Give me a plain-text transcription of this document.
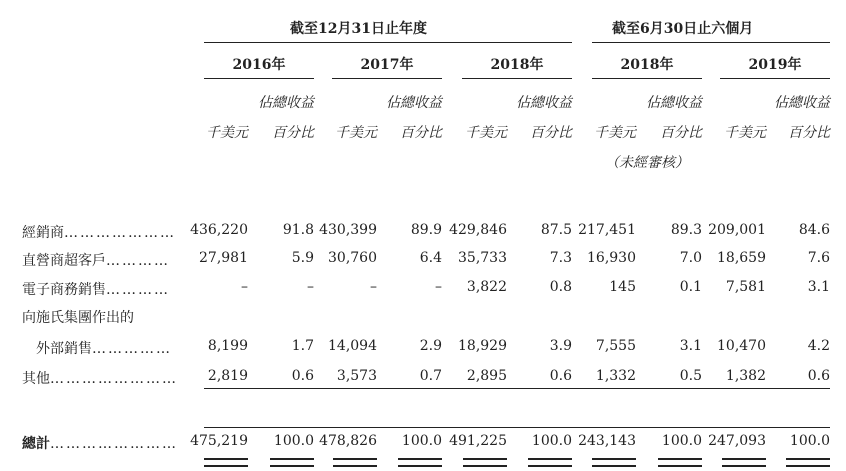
截至12月31日止年度	截至6月30日止六個月
2016年	2017年	2018年	2018年	2019年
佔總收益	佔總收益	佔總收益	佔總收益	佔總收益
千美元	百分比	千美元	百分比	千美元	百分比	千美元	百分比	千美元	百分比
（未經審核）
經銷商…………………	436,220	91.8 430,399	89.9 429,846	87.5 217,451	89.3 209,001	84.6
直營商超客戶…………	27,981	5.9	30,760	6.4	35,733	7.3	16,930	7.0	18,659	7.6
電子商務銷售…………	–	–	–	–	3,822	0.8	145	0.1	7,581	3.1
向施氏集團作出的
外部銷售……………	8,199	1.7	14,094	2.9	18,929	3.9	7,555	3.1	10,470	4.2
其他……………………	2,819	0.6	3,573	0.7	2,895	0.6	1,332	0.5	1,382	0.6
總計…………………… 475,219	100.0 478,826	100.0 491,225	100.0 243,143	100.0 247,093	100.0
